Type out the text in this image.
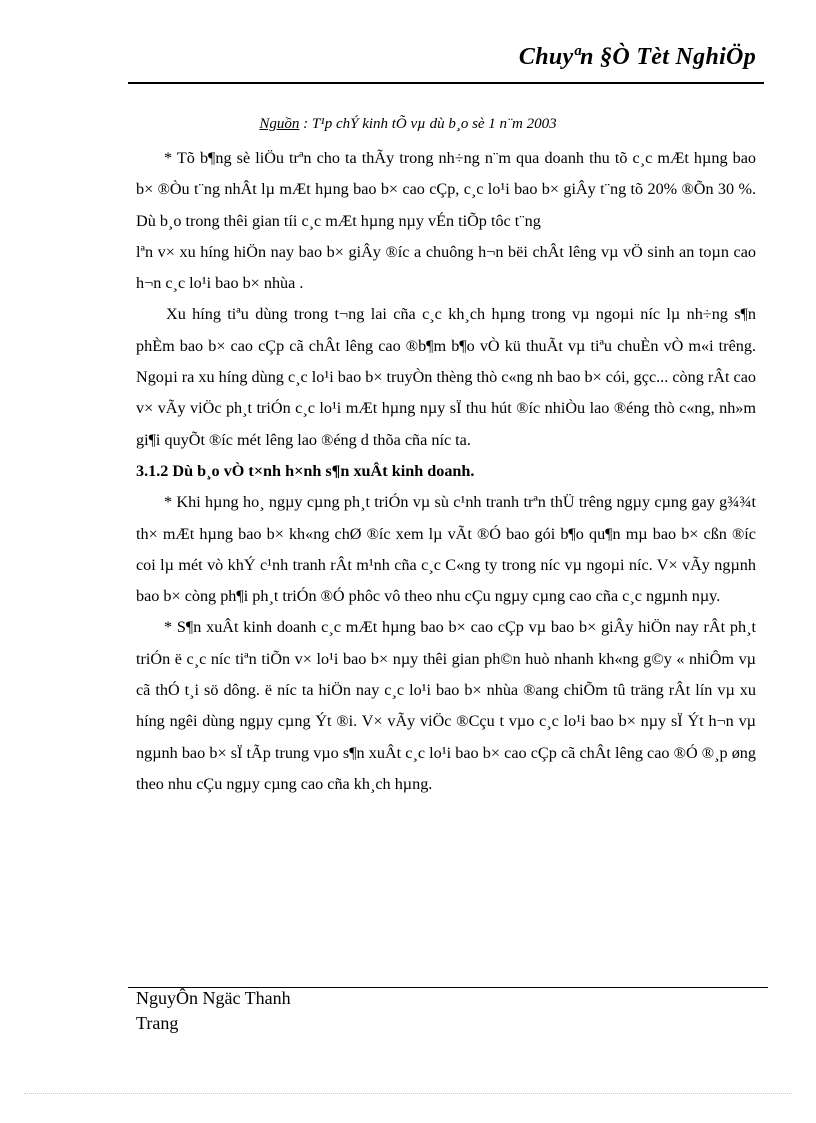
Chuyªn §Ò Tèt NghiÖp
Nguồn : T¹p chÝ kinh tÕ vµ dù b¸o sè 1 n¨m 2003

* Tõ b¶ng sè liÖu trªn cho ta thÃy trong nh÷ng n¨m qua doanh thu tõ c¸c mÆt hµng bao b× ®Òu t¨ng nhÂt lµ mÆt hµng bao b× cao cÇp, c¸c lo¹i bao b× giÂy t¨ng tõ 20% ®Õn 30 %. Dù b¸o trong thêi gian tíi c¸c mÆt hµng nµy vÉn tiÕp tôc t¨ng

lªn v× xu híng hiÖn nay bao b× giÂy ®íc a chuông h¬n bëi chÂt lêng vµ vÖ sinh an toµn cao h¬n c¸c lo¹i bao b× nhùa .

Xu híng tiªu dùng trong t¬ng lai cña c¸c kh¸ch hµng trong vµ ngoµi níc lµ nh÷ng s¶n phÈm bao b× cao cÇp cã chÂt lêng cao ®b¶m b¶o vÒ kü thuÃt vµ tiªu chuÈn vÒ m«i trêng. Ngoµi ra xu híng dùng c¸c lo¹i bao b× truyÒn thèng thò c«ng nh bao b× cói, gçc... còng rÂt cao v× vÃy viÖc ph¸t triÓn c¸c lo¹i mÆt hµng nµy sÏ thu hút ®íc nhiÒu lao ®éng thò c«ng, nh»m gi¶i quyÕt ®íc mét lêng lao ®éng d thõa cña níc ta.

3.1.2 Dù b¸o vÒ t×nh h×nh s¶n xuÂt kinh doanh.

* Khi hµng ho¸ ngµy cµng ph¸t triÓn vµ sù c¹nh tranh trªn thÜ trêng ngµy cµng gay g¾¾t th× mÆt hµng bao b× kh«ng chØ ®íc xem lµ vÃt ®Ó bao gói b¶o qu¶n mµ bao b× cßn ®íc coi lµ mét vò khÝ c¹nh tranh rÂt m¹nh cña c¸c C«ng ty trong níc vµ ngoµi níc. V× vÃy ngµnh bao b× còng ph¶i ph¸t triÓn ®Ó phôc vô theo nhu cÇu ngµy cµng cao cña c¸c ngµnh nµy.

* S¶n xuÂt kinh doanh c¸c mÆt hµng bao b× cao cÇp vµ bao b× giÂy hiÖn nay rÂt ph¸t triÓn ë c¸c níc tiªn tiÕn v× lo¹i bao b× nµy thêi gian ph©n huò nhanh kh«ng g©y « nhiÔm vµ cã thÓ t¸i sö dông. ë níc ta hiÖn nay c¸c lo¹i bao b× nhùa ®ang chiÕm tû träng rÂt lín vµ xu híng ngêi dùng ngµy cµng Ýt ®i. V× vÃy viÖc ®Cçu t vµo c¸c lo¹i bao b× nµy sÏ Ýt h¬n vµ ngµnh bao b× sÏ tÃp trung vµo s¶n xuÂt c¸c lo¹i bao b× cao cÇp cã chÂt lêng cao ®Ó ®¸p øng theo nhu cÇu ngµy cµng cao cña kh¸ch hµng.

NguyÔn Ngäc Thanh
Trang
